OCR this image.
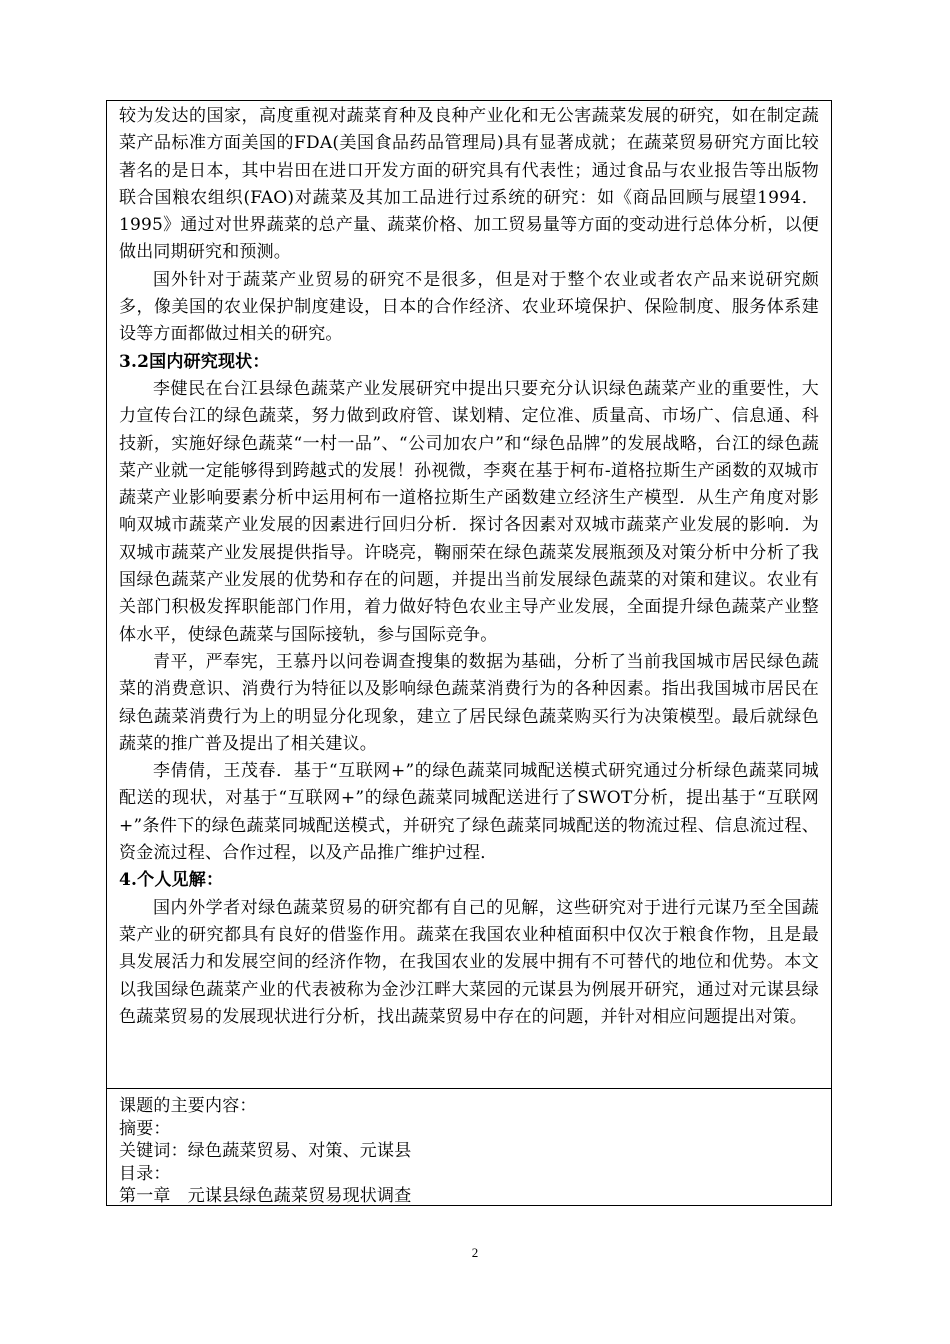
较为发达的国家，高度重视对蔬菜育种及良种产业化和无公害蔬菜发展的研究，如在制定蔬菜产品标准方面美国的FDA(美国食品药品管理局)具有显著成就；在蔬菜贸易研究方面比较著名的是日本，其中岩田在进口开发方面的研究具有代表性；通过食品与农业报告等出版物联合国粮农组织(FAO)对蔬菜及其加工品进行过系统的研究：如《商品回顾与展望1994．1995》通过对世界蔬菜的总产量、蔬菜价格、加工贸易量等方面的变动进行总体分析，以便做出同期研究和预测。

国外针对于蔬菜产业贸易的研究不是很多，但是对于整个农业或者农产品来说研究颇多，像美国的农业保护制度建设，日本的合作经济、农业环境保护、保险制度、服务体系建设等方面都做过相关的研究。

3.2国内研究现状：

李健民在台江县绿色蔬菜产业发展研究中提出只要充分认识绿色蔬菜产业的重要性，大力宣传台江的绿色蔬菜，努力做到政府管、谋划精、定位准、质量高、市场广、信息通、科技新，实施好绿色蔬菜“一村一品”、“公司加农户”和“绿色品牌”的发展战略，台江的绿色蔬菜产业就一定能够得到跨越式的发展！孙视微，李爽在基于柯布-道格拉斯生产函数的双城市蔬菜产业影响要素分析中运用柯布一道格拉斯生产函数建立经济生产模型．从生产角度对影响双城市蔬菜产业发展的因素进行回归分析．探讨各因素对双城市蔬菜产业发展的影响．为双城市蔬菜产业发展提供指导。许晓亮，鞠丽荣在绿色蔬菜发展瓶颈及对策分析中分析了我国绿色蔬菜产业发展的优势和存在的问题，并提出当前发展绿色蔬菜的对策和建议。农业有关部门积极发挥职能部门作用，着力做好特色农业主导产业发展，全面提升绿色蔬菜产业整体水平，使绿色蔬菜与国际接轨，参与国际竞争。

青平，严奉宪，王慕丹以问卷调查搜集的数据为基础，分析了当前我国城市居民绿色蔬菜的消费意识、消费行为特征以及影响绿色蔬菜消费行为的各种因素。指出我国城市居民在绿色蔬菜消费行为上的明显分化现象，建立了居民绿色蔬菜购买行为决策模型。最后就绿色蔬菜的推广普及提出了相关建议。

李倩倩，王茂春．基于“互联网+”的绿色蔬菜同城配送模式研究通过分析绿色蔬菜同城配送的现状，对基于“互联网+”的绿色蔬菜同城配送进行了SWOT分析，提出基于“互联网+”条件下的绿色蔬菜同城配送模式，并研究了绿色蔬菜同城配送的物流过程、信息流过程、资金流过程、合作过程，以及产品推广维护过程．

4.个人见解：

国内外学者对绿色蔬菜贸易的研究都有自己的见解，这些研究对于进行元谋乃至全国蔬菜产业的研究都具有良好的借鉴作用。蔬菜在我国农业种植面积中仅次于粮食作物，且是最具发展活力和发展空间的经济作物，在我国农业的发展中拥有不可替代的地位和优势。本文以我国绿色蔬菜产业的代表被称为金沙江畔大菜园的元谋县为例展开研究，通过对元谋县绿色蔬菜贸易的发展现状进行分析，找出蔬菜贸易中存在的问题，并针对相应问题提出对策。

课题的主要内容：

摘要：

关键词：绿色蔬菜贸易、对策、元谋县

目录：

第一章　元谋县绿色蔬菜贸易现状调查

2
